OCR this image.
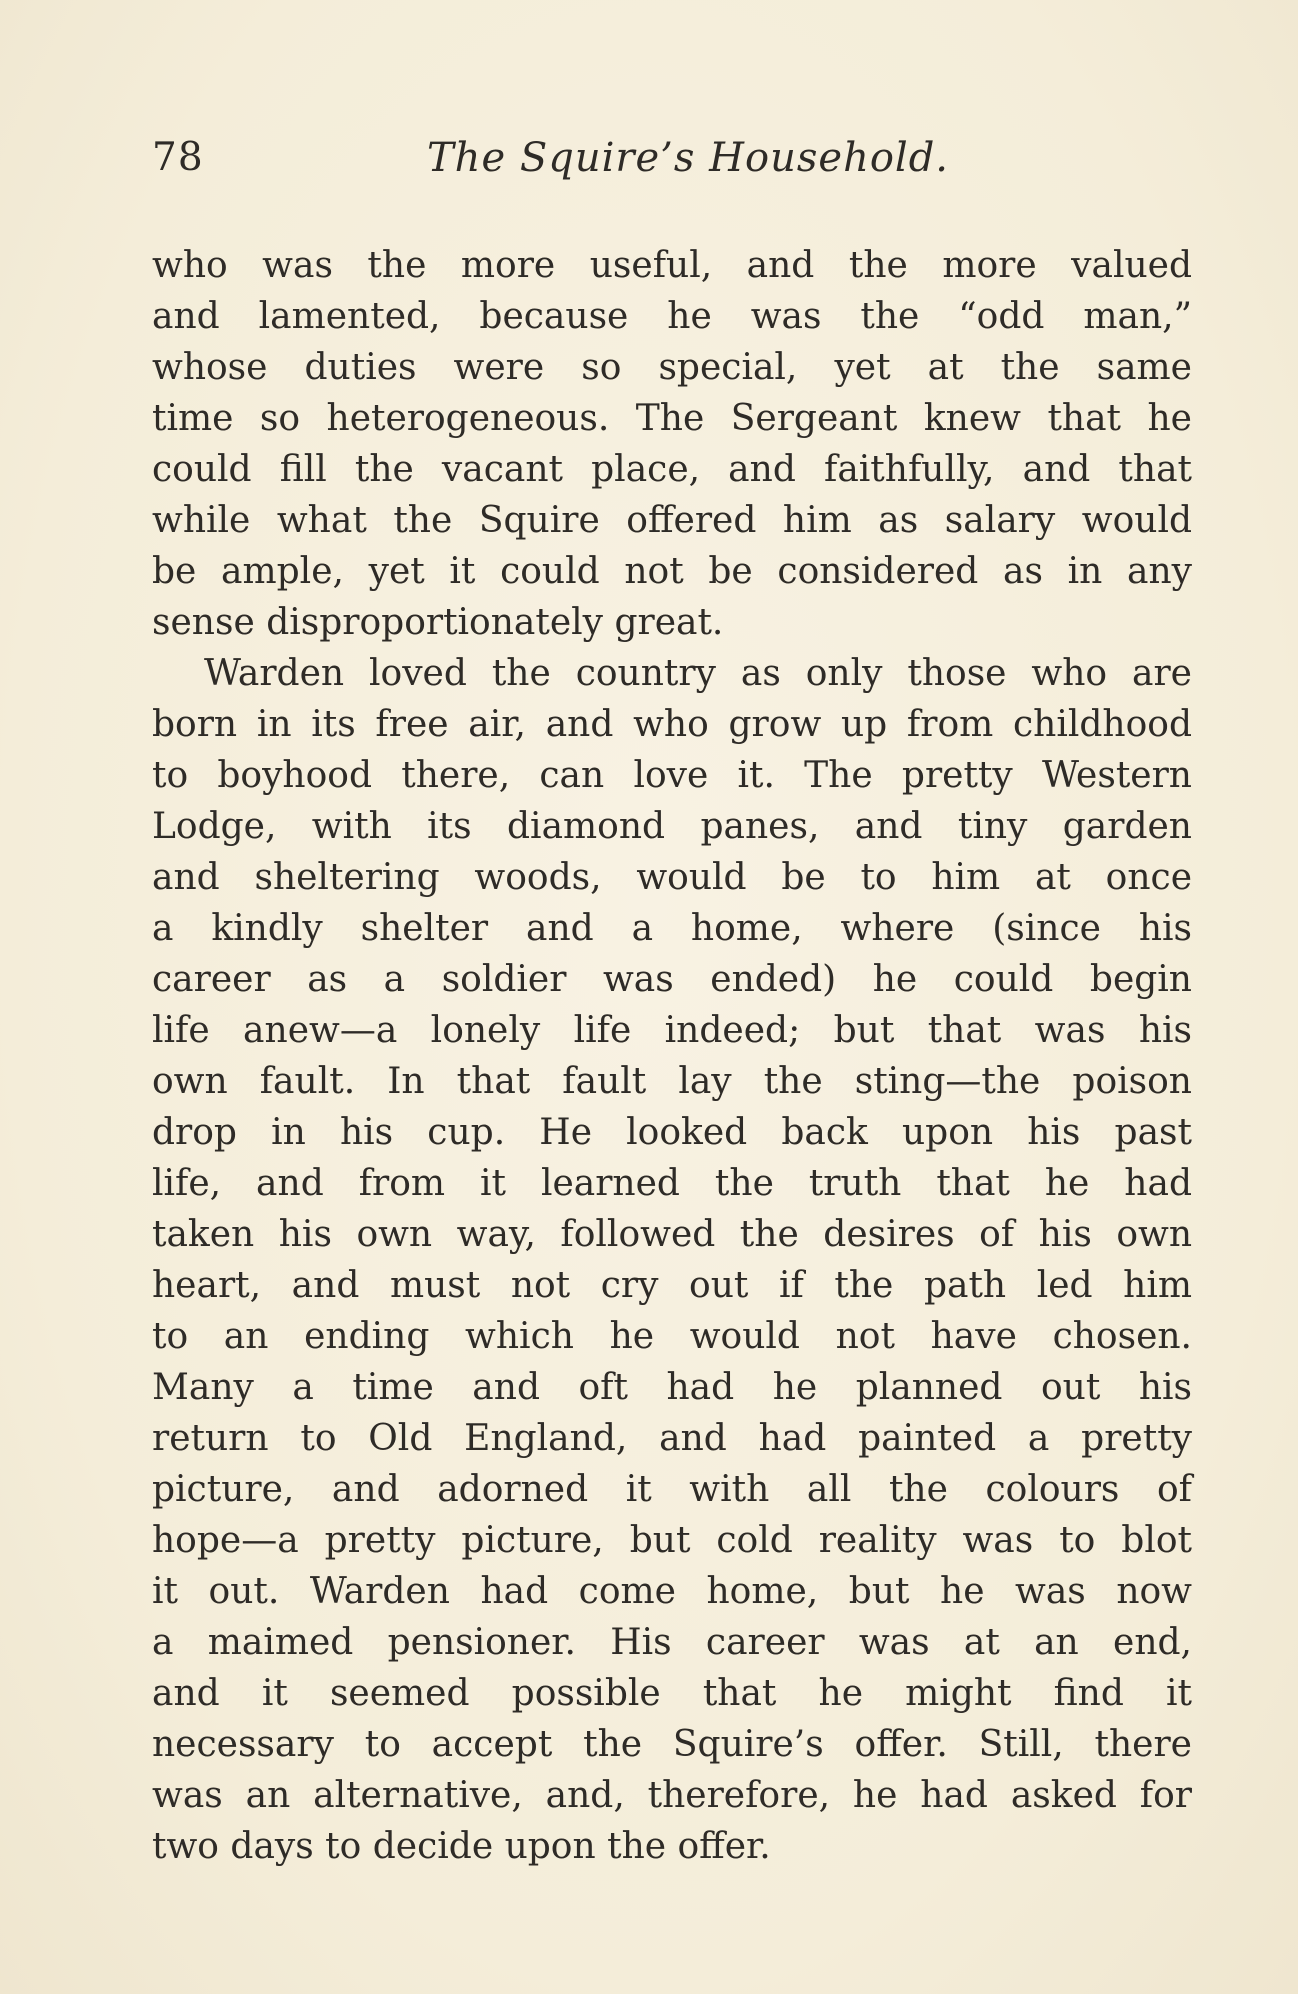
78	The Squire’s Household.
who was the more useful, and the more valued
and lamented, because he was the “odd man,”
whose duties were so special, yet at the same
time so heterogeneous. The Sergeant knew that he
could fill the vacant place, and faithfully, and that
while what the Squire offered him as salary would
be ample, yet it could not be considered as in any
sense disproportionately great.
Warden loved the country as only those who are
born in its free air, and who grow up from childhood
to boyhood there, can love it. The pretty Western
Lodge, with its diamond panes, and tiny garden
and sheltering woods, would be to him at once
a kindly shelter and a home, where (since his
career as a soldier was ended) he could begin
life anew—a lonely life indeed; but that was his
own fault. In that fault lay the sting—the poison
drop in his cup. He looked back upon his past
life, and from it learned the truth that he had
taken his own way, followed the desires of his own
heart, and must not cry out if the path led him
to an ending which he would not have chosen.
Many a time and oft had he planned out his
return to Old England, and had painted a pretty
picture, and adorned it with all the colours of
hope—a pretty picture, but cold reality was to blot
it out. Warden had come home, but he was now
a maimed pensioner. His career was at an end,
and it seemed possible that he might find it
necessary to accept the Squire’s offer. Still, there
was an alternative, and, therefore, he had asked for
two days to decide upon the offer.
